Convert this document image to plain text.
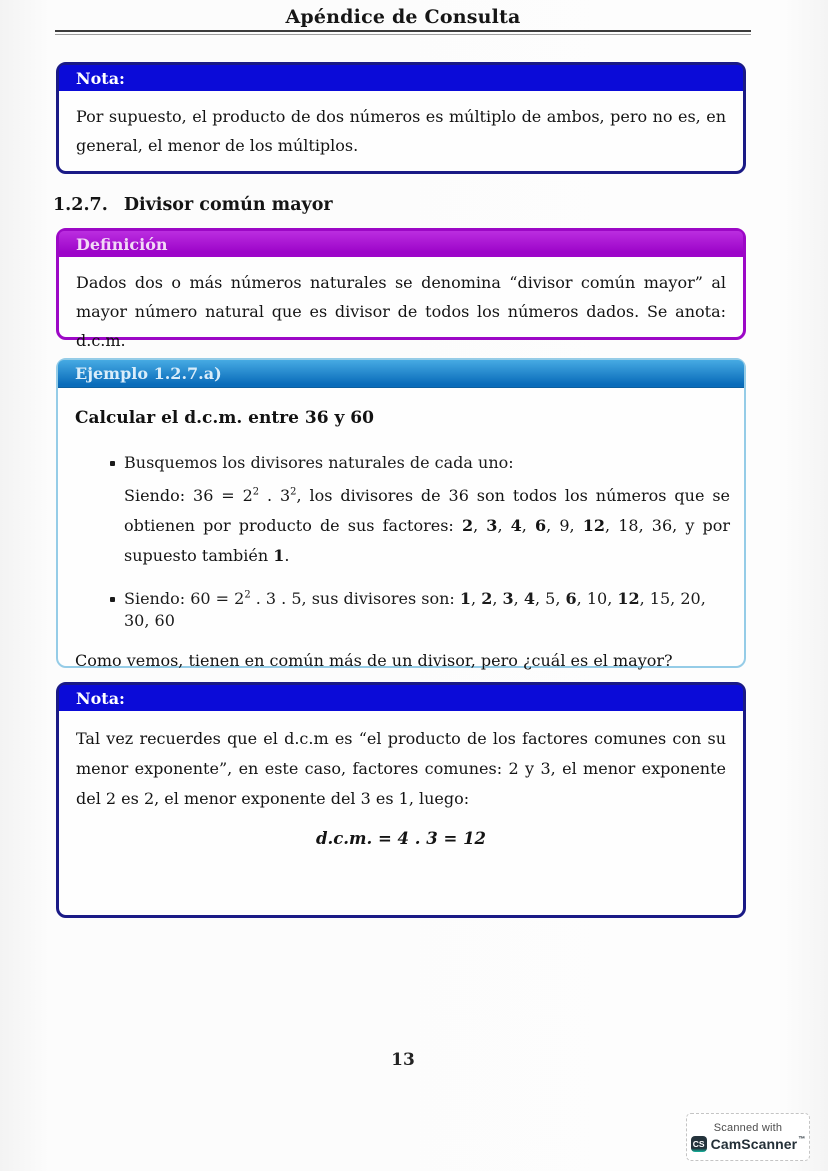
Apéndice de Consulta
Nota:

Por supuesto, el producto de dos números es múltiplo de ambos, pero no es, en general, el menor de los múltiplos.

1.2.7. Divisor común mayor
Definición

Dados dos o más números naturales se denomina “divisor común mayor” al mayor número natural que es divisor de todos los números dados. Se anota: d.c.m.

Ejemplo 1.2.7.a)
Calcular el d.c.m. entre 36 y 60
Busquemos los divisores naturales de cada uno:
Siendo: $36 = 2^2$ . $3^2$, los divisores de 36 son todos los números que se obtienen por producto de sus factores: 2, 3, 4, 6, 9, 12, 18, 36, y por supuesto también 1.
Siendo: $60 = 2^2$ . 3 . 5, sus divisores son: 1, 2, 3, 4, 5, 6, 10, 12, 15, 20, 30, 60
Como vemos, tienen en común más de un divisor, pero ¿cuál es el mayor?
Nota:

Tal vez recuerdes que el d.c.m es “el producto de los factores comunes con su menor exponente”, en este caso, factores comunes: 2 y 3, el menor exponente del 2 es 2, el menor exponente del 3 es 1, luego:

d.c.m. = 4 . 3 = 12
13
Scanned with
CS CamScanner™
